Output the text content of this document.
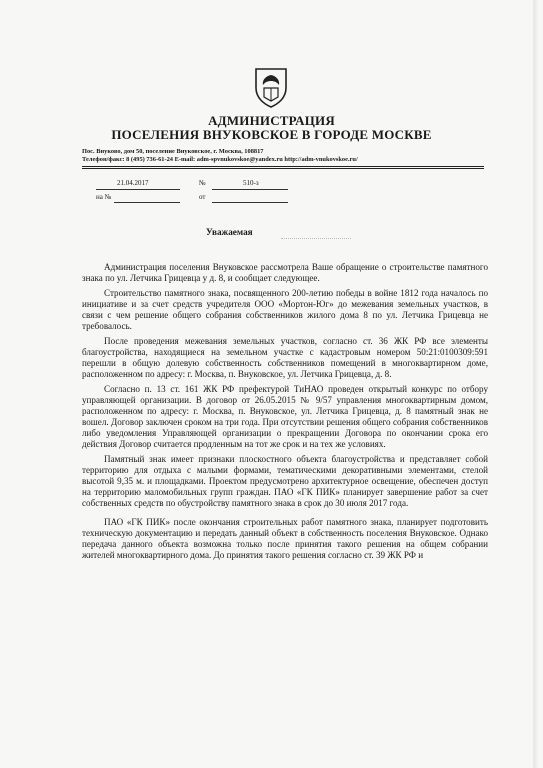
АДМИНИСТРАЦИЯ
ПОСЕЛЕНИЯ ВНУКОВСКОЕ В ГОРОДЕ МОСКВЕ
Пос. Внуково, дом 50, поселение Внуковское, г. Москва, 108817
Телефон/факс: 8 (495) 736-61-24 E-mail: adm-spvnukovskoe@yandex.ru http://adm-vnukovskoe.ru/
21.04.2017	№	510-з
на №	от
Уважаемая

Администрация поселения Внуковское рассмотрела Ваше обращение о строительстве памятного знака по ул. Летчика Грицевца у д. 8, и сообщает следующее.

Строительство памятного знака, посвященного 200-летию победы в войне 1812 года началось по инициативе и за счет средств учредителя ООО «Мортон-Юг» до межевания земельных участков, в связи с чем решение общего собрания собственников жилого дома 8 по ул. Летчика Грицевца не требовалось.

После проведения межевания земельных участков, согласно ст. 36 ЖК РФ все элементы благоустройства, находящиеся на земельном участке с кадастровым номером 50:21:0100309:591 перешли в общую долевую собственность собственников помещений в многоквартирном доме, расположенном по адресу: г. Москва, п. Внуковское, ул. Летчика Грицевца, д. 8.

Согласно п. 13 ст. 161 ЖК РФ префектурой ТиНАО проведен открытый конкурс по отбору управляющей организации. В договор от 26.05.2015 № 9/57 управления многоквартирным домом, расположенном по адресу: г. Москва, п. Внуковское, ул. Летчика Грицевца, д. 8 памятный знак не вошел. Договор заключен сроком на три года. При отсутствии решения общего собрания собственников либо уведомления Управляющей организации о прекращении Договора по окончании срока его действия Договор считается продленным на тот же срок и на тех же условиях.

Памятный знак имеет признаки плоскостного объекта благоустройства и представляет собой территорию для отдыха с малыми формами, тематическими декоративными элементами, стелой высотой 9,35 м. и площадками. Проектом предусмотрено архитектурное освещение, обеспечен доступ на территорию маломобильных групп граждан. ПАО «ГК ПИК» планирует завершение работ за счет собственных средств по обустройству памятного знака в срок до 30 июля 2017 года.

ПАО «ГК ПИК» после окончания строительных работ памятного знака, планирует подготовить техническую документацию и передать данный объект в собственность поселения Внуковское. Однако передача данного объекта возможна только после принятия такого решения на общем собрании жителей многоквартирного дома. До принятия такого решения согласно ст. 39 ЖК РФ и
